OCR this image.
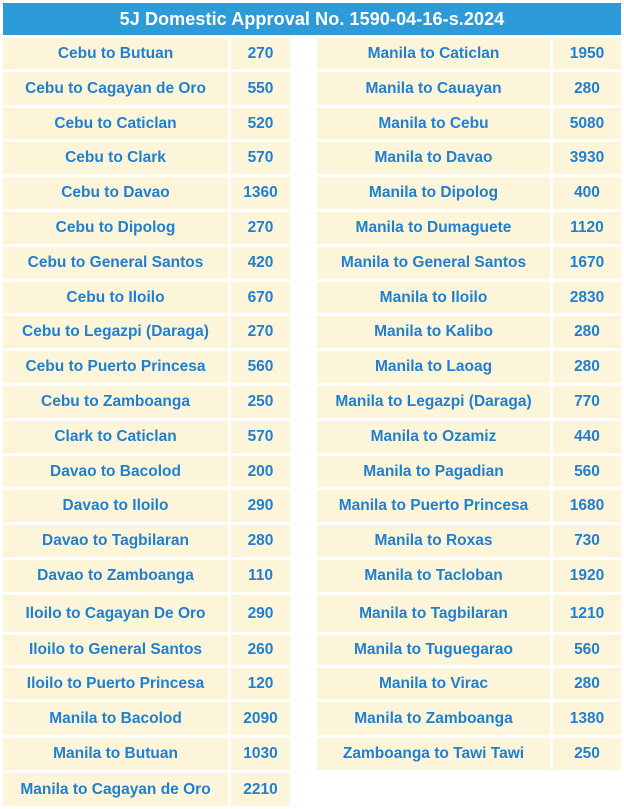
5J Domestic Approval No. 1590-04-16-s.2024
Cebu to Butuan	270
Cebu to Cagayan de Oro	550
Cebu to Caticlan	520
Cebu to Clark	570
Cebu to Davao	1360
Cebu to Dipolog	270
Cebu to General Santos	420
Cebu to Iloilo	670
Cebu to Legazpi (Daraga)	270
Cebu to Puerto Princesa	560
Cebu to Zamboanga	250
Clark to Caticlan	570
Davao to Bacolod	200
Davao to Iloilo	290
Davao to Tagbilaran	280
Davao to Zamboanga	110
Iloilo to Cagayan De Oro	290
Iloilo to General Santos	260
Iloilo to Puerto Princesa	120
Manila to Bacolod	2090
Manila to Butuan	1030
Manila to Cagayan de Oro	2210
Manila to Caticlan	1950
Manila to Cauayan	280
Manila to Cebu	5080
Manila to Davao	3930
Manila to Dipolog	400
Manila to Dumaguete	1120
Manila to General Santos	1670
Manila to Iloilo	2830
Manila to Kalibo	280
Manila to Laoag	280
Manila to Legazpi (Daraga)	770
Manila to Ozamiz	440
Manila to Pagadian	560
Manila to Puerto Princesa	1680
Manila to Roxas	730
Manila to Tacloban	1920
Manila to Tagbilaran	1210
Manila to Tuguegarao	560
Manila to Virac	280
Manila to Zamboanga	1380
Zamboanga to Tawi Tawi	250
